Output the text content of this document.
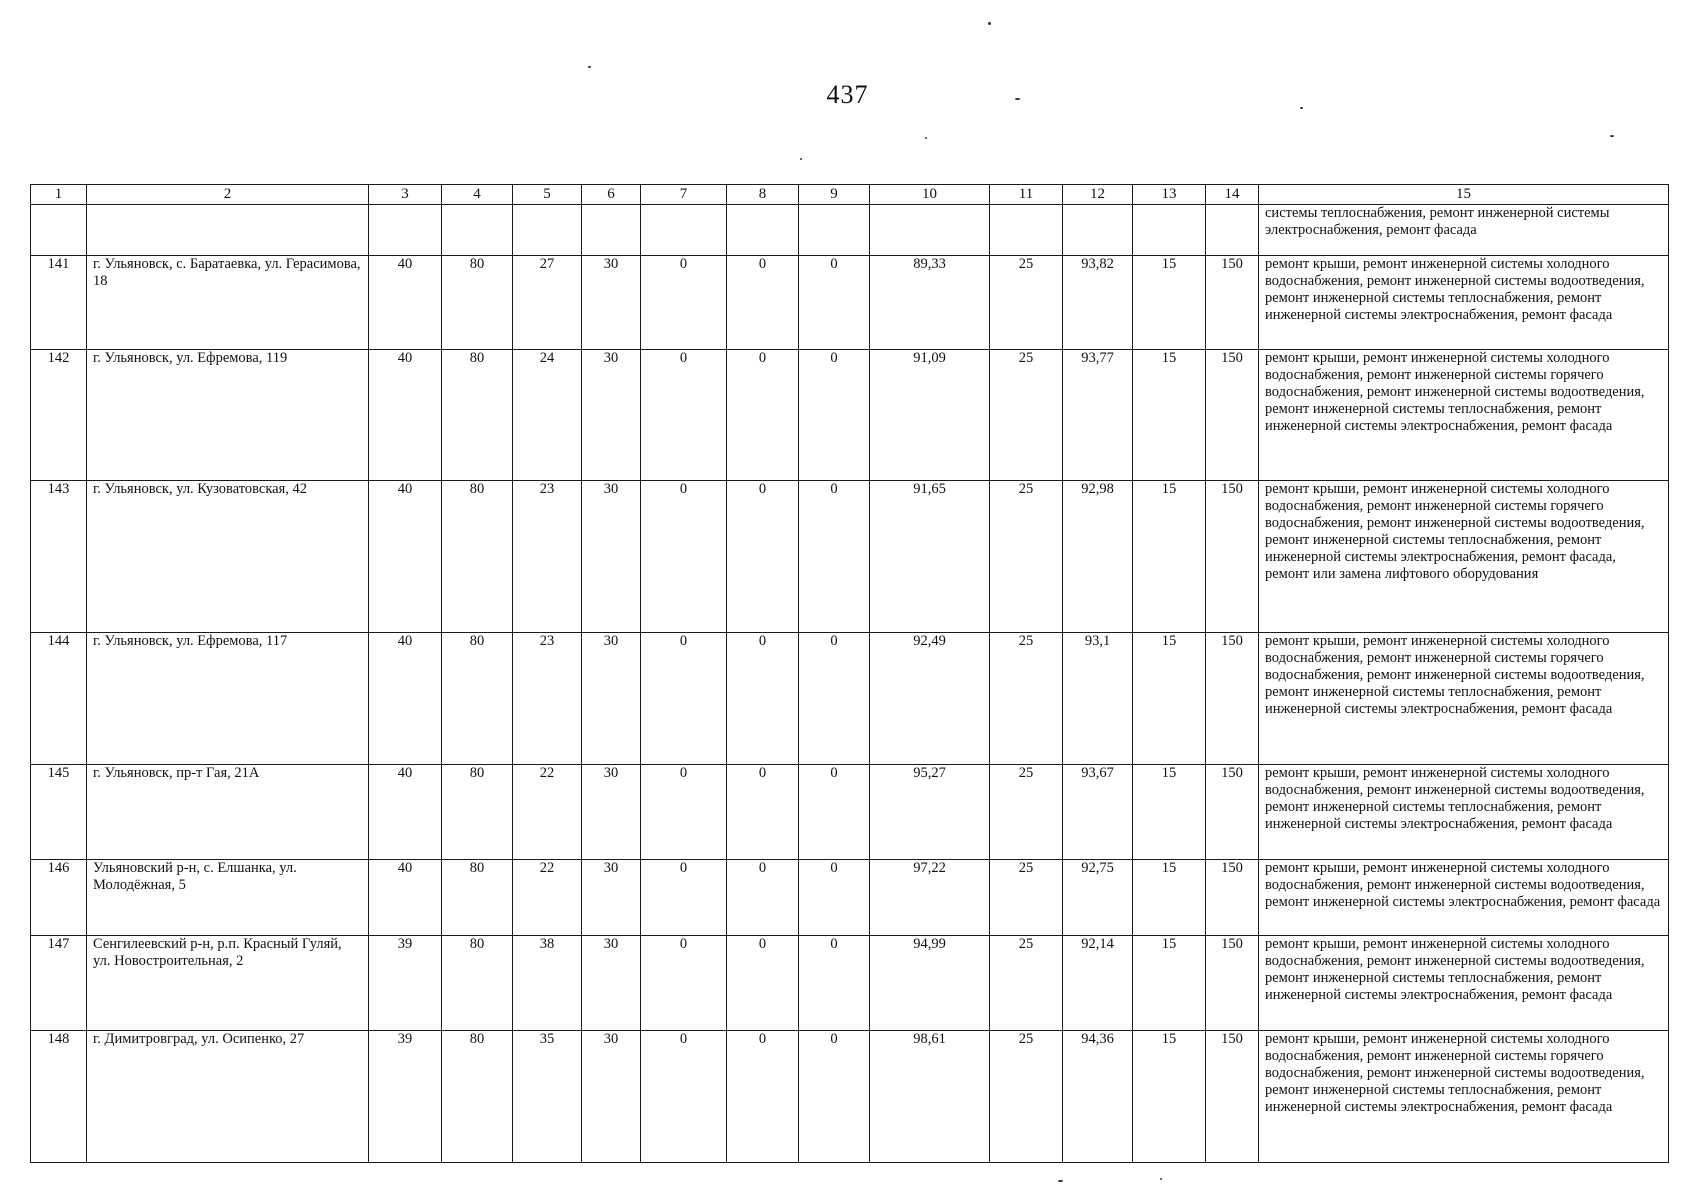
437
1	2	3	4	5	6	7	8	9	10	11	12	13	14	15
														системы теплоснабжения, ремонт инженерной системы электроснабжения, ремонт фасада
141	г. Ульяновск, с. Баратаевка, ул. Герасимова, 18	40	80	27	30	0	0	0	89,33	25	93,82	15	150	ремонт крыши, ремонт инженерной системы холодного водоснабжения, ремонт инженерной системы водоотведения, ремонт инженерной системы теплоснабжения, ремонт инженерной системы электроснабжения, ремонт фасада
142	г. Ульяновск, ул. Ефремова, 119	40	80	24	30	0	0	0	91,09	25	93,77	15	150	ремонт крыши, ремонт инженерной системы холодного водоснабжения, ремонт инженерной системы горячего водоснабжения, ремонт инженерной системы водоотведения, ремонт инженерной системы теплоснабжения, ремонт инженерной системы электроснабжения, ремонт фасада
143	г. Ульяновск, ул. Кузоватовская, 42	40	80	23	30	0	0	0	91,65	25	92,98	15	150	ремонт крыши, ремонт инженерной системы холодного водоснабжения, ремонт инженерной системы горячего водоснабжения, ремонт инженерной системы водоотведения, ремонт инженерной системы теплоснабжения, ремонт инженерной системы электроснабжения, ремонт фасада, ремонт или замена лифтового оборудования
144	г. Ульяновск, ул. Ефремова, 117	40	80	23	30	0	0	0	92,49	25	93,1	15	150	ремонт крыши, ремонт инженерной системы холодного водоснабжения, ремонт инженерной системы горячего водоснабжения, ремонт инженерной системы водоотведения, ремонт инженерной системы теплоснабжения, ремонт инженерной системы электроснабжения, ремонт фасада
145	г. Ульяновск, пр-т Гая, 21А	40	80	22	30	0	0	0	95,27	25	93,67	15	150	ремонт крыши, ремонт инженерной системы холодного водоснабжения, ремонт инженерной системы водоотведения, ремонт инженерной системы теплоснабжения, ремонт инженерной системы электроснабжения, ремонт фасада
146	Ульяновский р-н, с. Елшанка, ул. Молодёжная, 5	40	80	22	30	0	0	0	97,22	25	92,75	15	150	ремонт крыши, ремонт инженерной системы холодного водоснабжения, ремонт инженерной системы водоотведения, ремонт инженерной системы электроснабжения, ремонт фасада
147	Сенгилеевский р-н, р.п. Красный Гуляй, ул. Новостроительная, 2	39	80	38	30	0	0	0	94,99	25	92,14	15	150	ремонт крыши, ремонт инженерной системы холодного водоснабжения, ремонт инженерной системы водоотведения, ремонт инженерной системы теплоснабжения, ремонт инженерной системы электроснабжения, ремонт фасада
148	г. Димитровград, ул. Осипенко, 27	39	80	35	30	0	0	0	98,61	25	94,36	15	150	ремонт крыши, ремонт инженерной системы холодного водоснабжения, ремонт инженерной системы горячего водоснабжения, ремонт инженерной системы водоотведения, ремонт инженерной системы теплоснабжения, ремонт инженерной системы электроснабжения, ремонт фасада
